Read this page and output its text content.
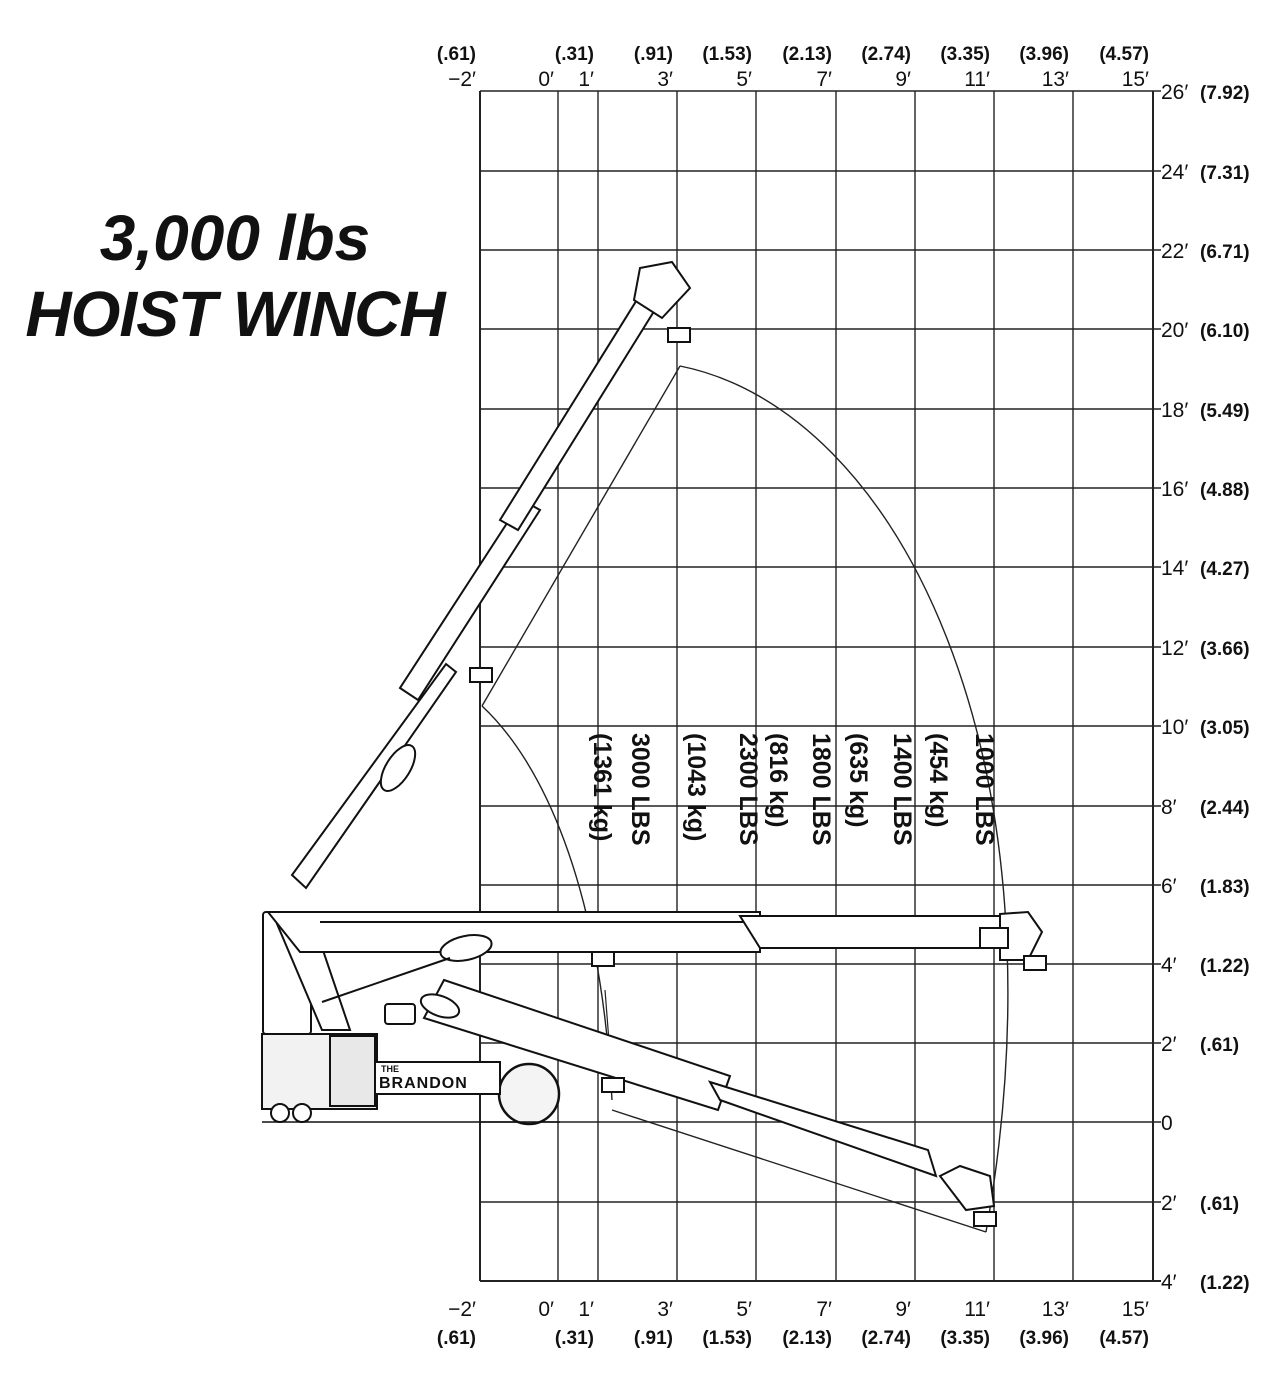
3,000 lbs
HOIST WINCH
THE
BRANDON
−2′
(.61)
−2′
(.61)
0′
0′
1′
(.31)
1′
(.31)
3′
(.91)
3′
(.91)
5′
(1.53)
5′
(1.53)
7′
(2.13)
7′
(2.13)
9′
(2.74)
9′
(2.74)
11′
(3.35)
11′
(3.35)
13′
(3.96)
13′
(3.96)
15′
(4.57)
15′
(4.57)
26′ (7.92)
24′ (7.31)
22′ (6.71)
20′ (6.10)
18′ (5.49)
16′ (4.88)
14′ (4.27)
12′ (3.66)
10′ (3.05)
8′ (2.44)
6′ (1.83)
4′ (1.22)
2′ (.61)
0
2′ (.61)
4′ (1.22)
3000 LBS
(1361 kg)	2300 LBS
(1043 kg)	1800 LBS
(816 kg)	1400 LBS
(635 kg)	1000 LBS
(454 kg)
